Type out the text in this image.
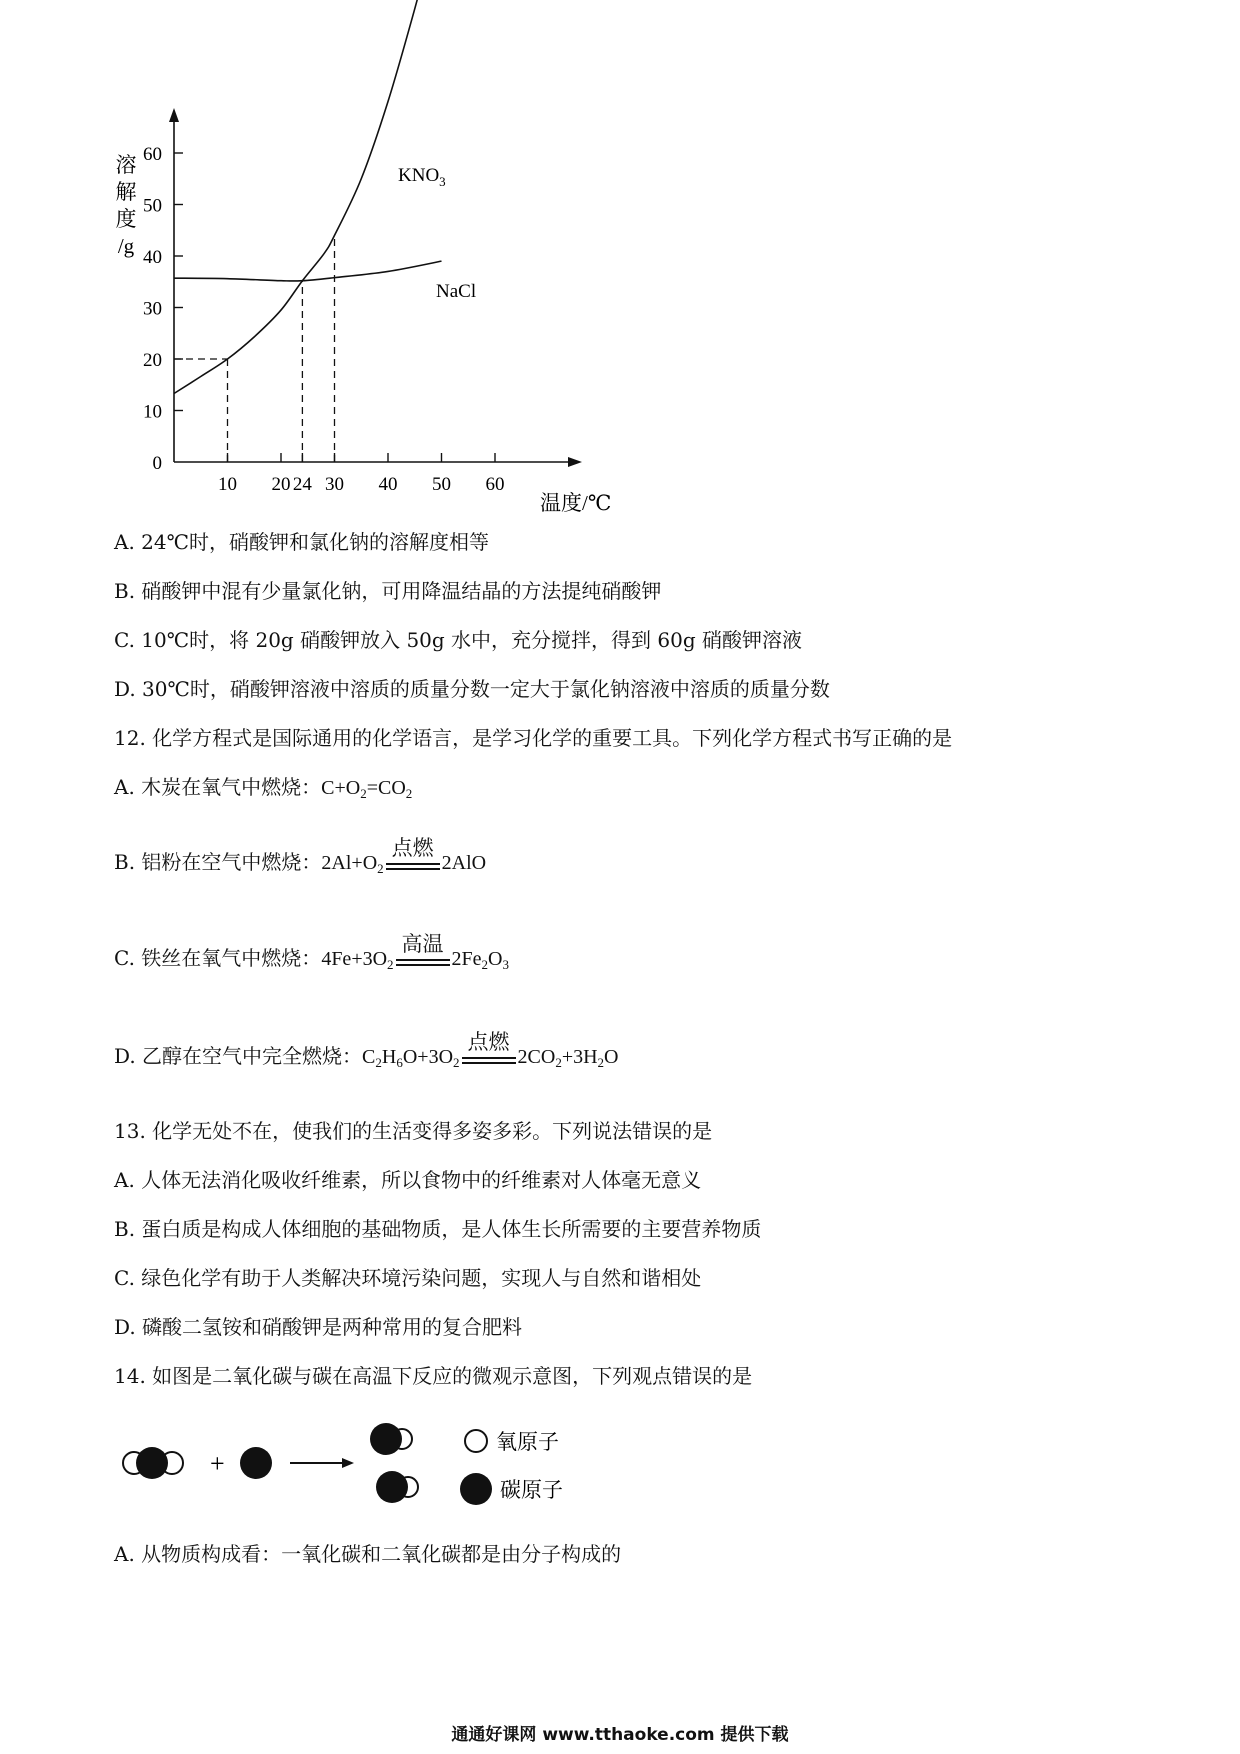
60
50
40
30
20
10
0
10 20 24 30 40 50 60
溶
解
度
/g
温度/℃
$KNO_3$
NaCl
A. 24℃时，硝酸钾和氯化钠的溶解度相等
B. 硝酸钾中混有少量氯化钠，可用降温结晶的方法提纯硝酸钾
C. 10℃时，将 20g 硝酸钾放入 50g 水中，充分搅拌，得到 60g 硝酸钾溶液
D. 30℃时，硝酸钾溶液中溶质的质量分数一定大于氯化钠溶液中溶质的质量分数
12. 化学方程式是国际通用的化学语言，是学习化学的重要工具。下列化学方程式书写正确的是
A. 木炭在氧气中燃烧：$C+O_2=CO_2$
B. 铝粉在空气中燃烧：$2Al+O_2$
点燃
2AlO
C. 铁丝在氧气中燃烧：$4Fe+3O_2$
高温
$2Fe_2O_3$
D. 乙醇在空气中完全燃烧：$C_2H_6O+3O_2$
点燃
$2CO_2+3H_2O$
13. 化学无处不在，使我们的生活变得多姿多彩。下列说法错误的是
A. 人体无法消化吸收纤维素，所以食物中的纤维素对人体毫无意义
B. 蛋白质是构成人体细胞的基础物质，是人体生长所需要的主要营养物质
C. 绿色化学有助于人类解决环境污染问题，实现人与自然和谐相处
D. 磷酸二氢铵和硝酸钾是两种常用的复合肥料
14. 如图是二氧化碳与碳在高温下反应的微观示意图，下列观点错误的是
+
氧原子
碳原子
A. 从物质构成看：一氧化碳和二氧化碳都是由分子构成的
通通好课网 www.tthaoke.com 提供下载
